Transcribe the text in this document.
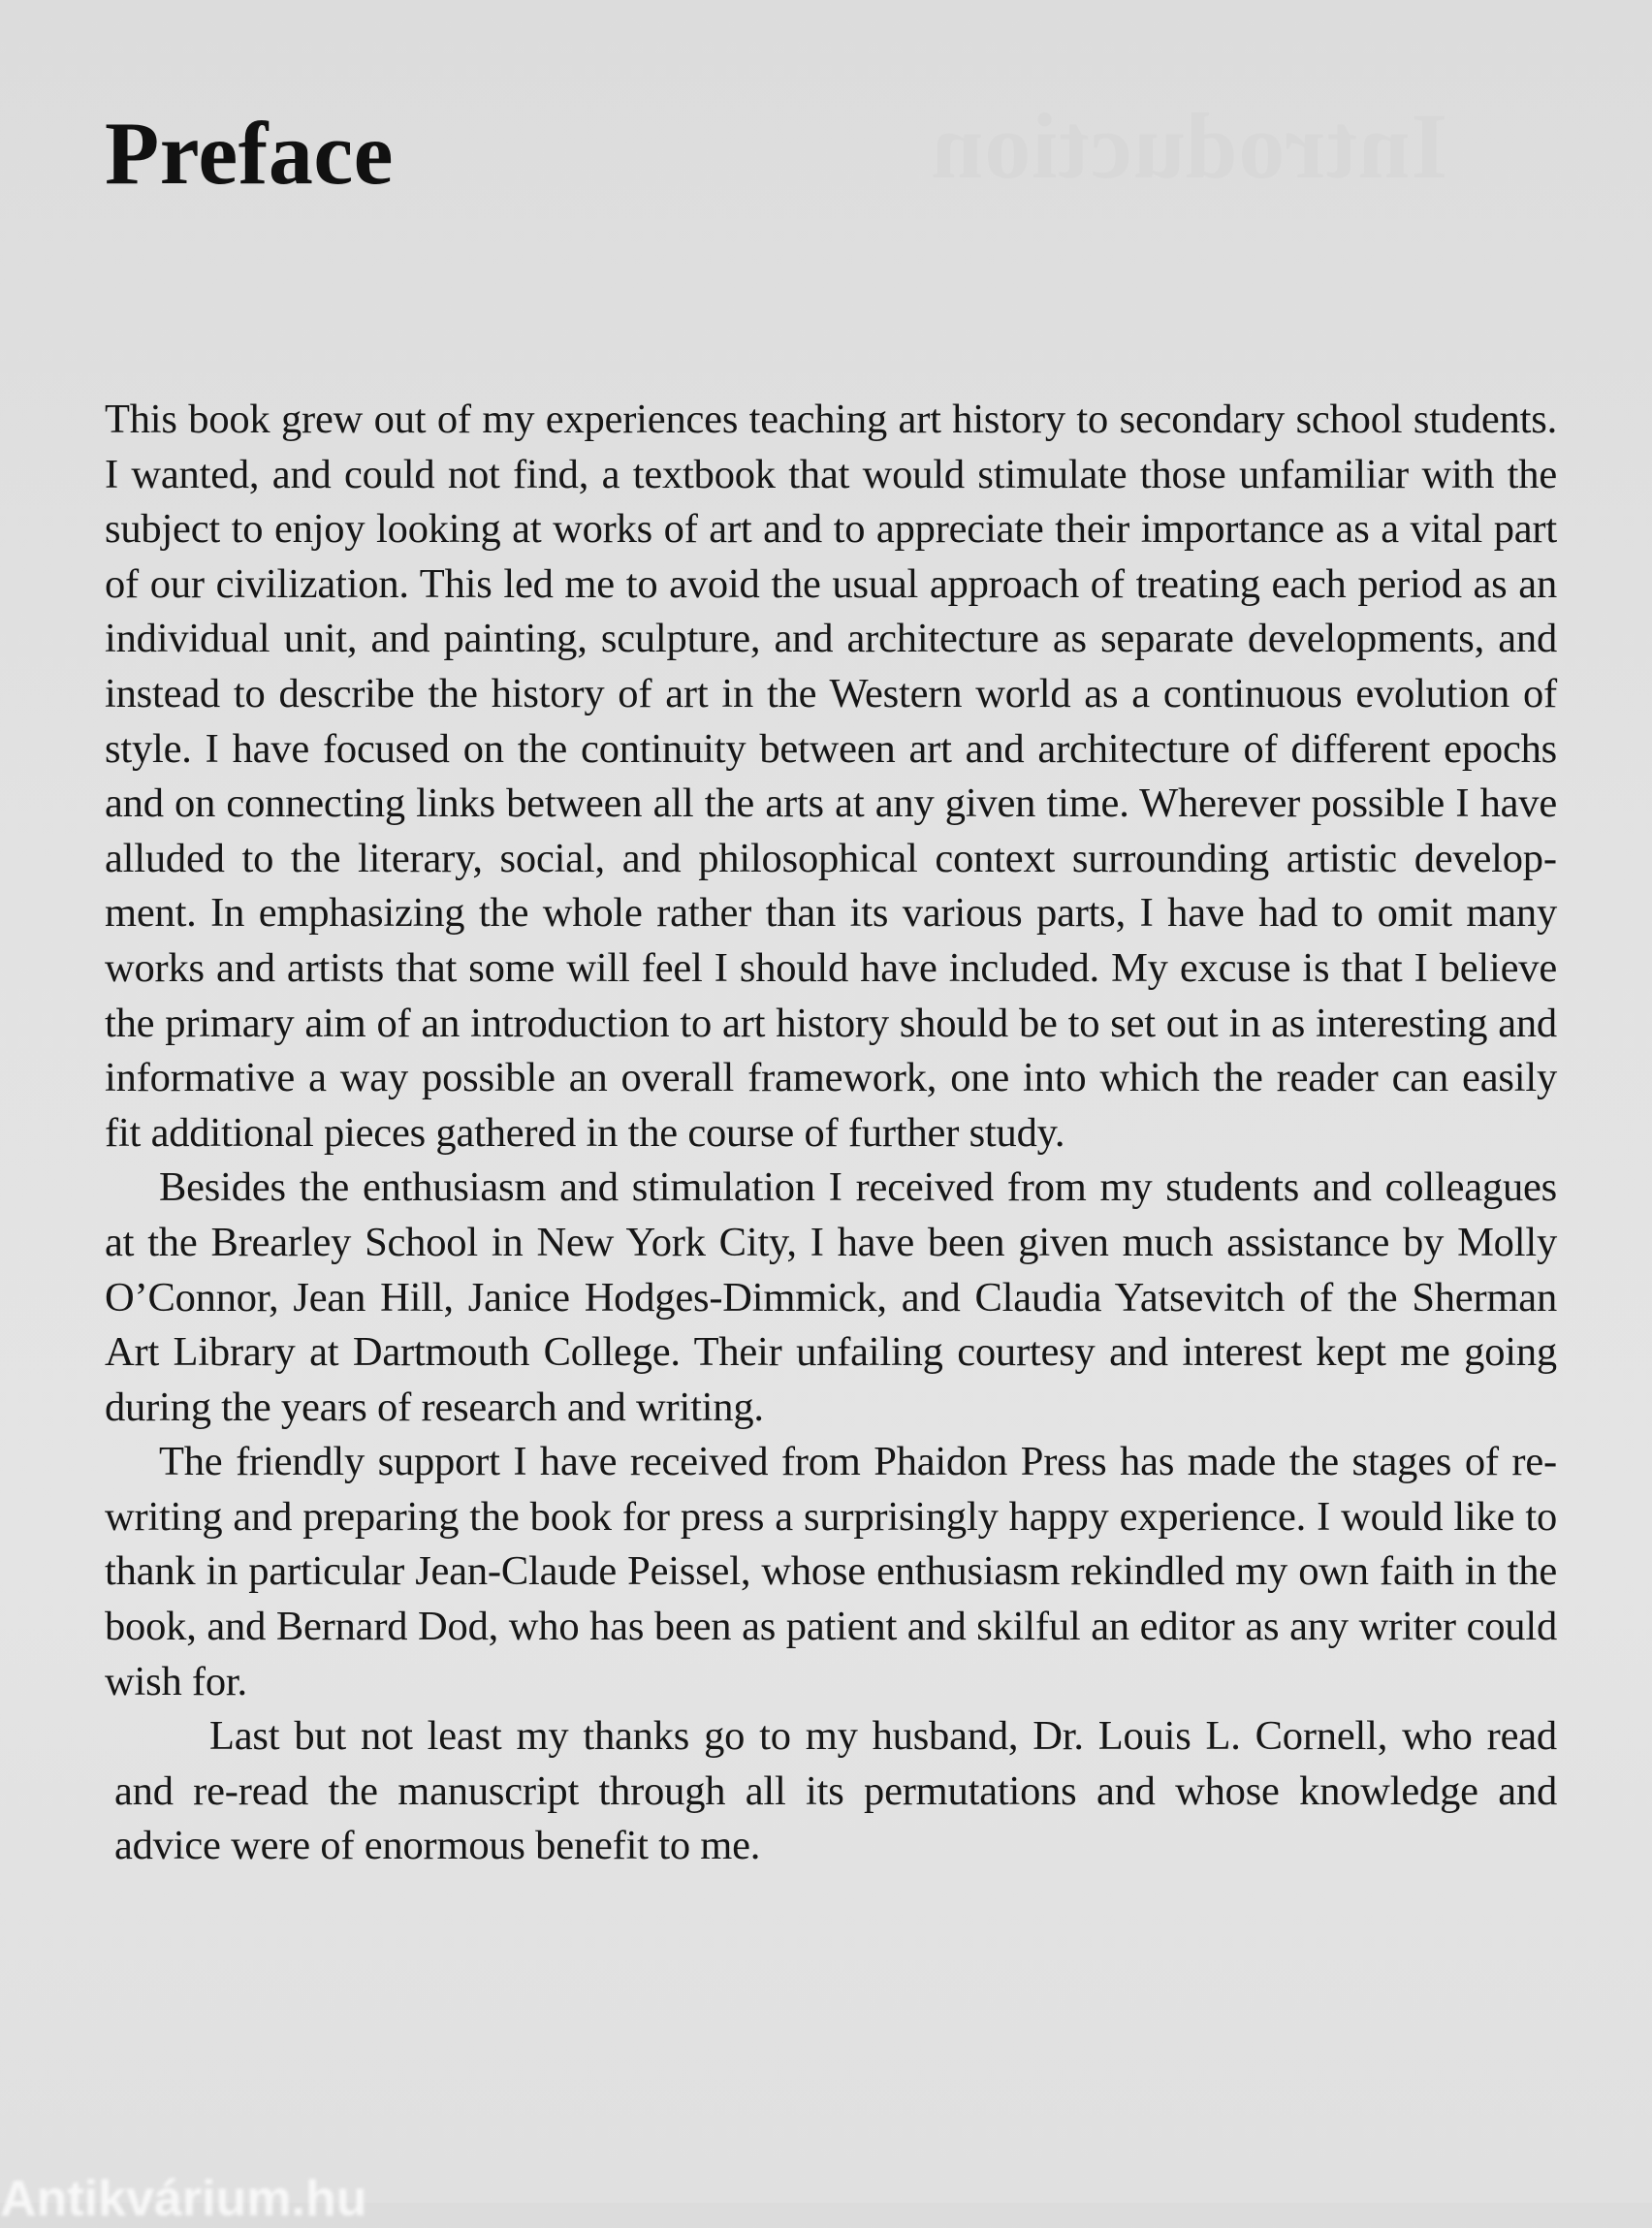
Introduction
Preface

This book grew out of my experiences teaching art history to secondary school students. I wanted, and could not find, a textbook that would stimulate those unfamiliar with the subject to enjoy looking at works of art and to appreciate their importance as a vital part of our civilization. This led me to avoid the usual approach of treating each period as an individual unit, and painting, sculpture, and architecture as separate developments, and instead to describe the history of art in the Western world as a continuous evolution of style. I have focused on the continuity between art and architecture of different epochs and on connecting links between all the arts at any given time. Wherever possible I have alluded to the literary, social, and philosophical context surrounding artistic development. In emphasizing the whole rather than its various parts, I have had to omit many works and artists that some will feel I should have included. My excuse is that I believe the primary aim of an introduction to art history should be to set out in as interesting and informative a way possible an overall framework, one into which the reader can easily fit additional pieces gathered in the course of further study.

Besides the enthusiasm and stimulation I received from my students and colleagues at the Brearley School in New York City, I have been given much assistance by Molly O’Connor, Jean Hill, Janice Hodges-Dimmick, and Claudia Yatsevitch of the Sherman Art Library at Dartmouth College. Their unfailing courtesy and interest kept me going during the years of research and writing.

The friendly support I have received from Phaidon Press has made the stages of re-writing and preparing the book for press a surprisingly happy experience. I would like to thank in particular Jean-Claude Peissel, whose enthusiasm rekindled my own faith in the book, and Bernard Dod, who has been as patient and skilful an editor as any writer could wish for.

Last but not least my thanks go to my husband, Dr. Louis L. Cornell, who read and re-read the manuscript through all its permutations and whose knowledge and advice were of enormous benefit to me.

Antikvárium.hu
